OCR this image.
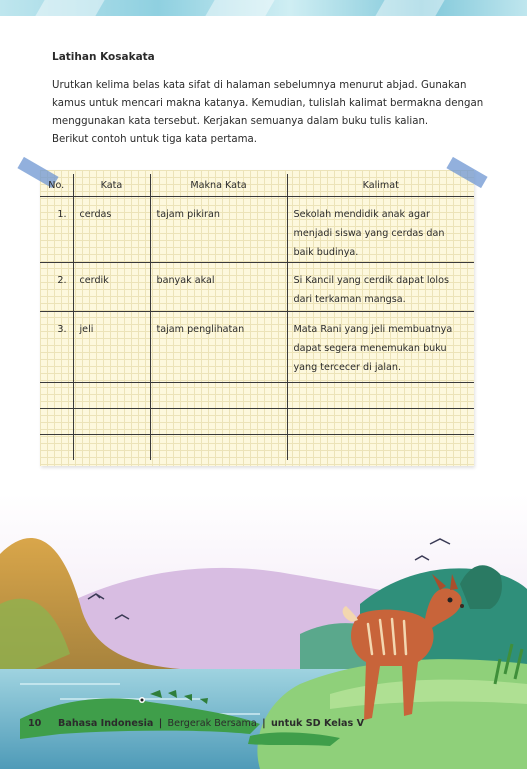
Latihan Kosakata
Urutkan kelima belas kata sifat di halaman sebelumnya menurut abjad. Gunakan
kamus untuk mencari makna katanya. Kemudian, tulislah kalimat bermakna dengan
menggunakan kata tersebut. Kerjakan semuanya dalam buku tulis kalian.
Berikut contoh untuk tiga kata pertama.
No.	Kata	Makna Kata	Kalimat
1.	cerdas	tajam pikiran	Sekolah mendidik anak agar
menjadi siswa yang cerdas dan
baik budinya.

2.	cerdik	banyak akal	Si Kancil yang cerdik dapat lolos
dari terkaman mangsa.

3.	jeli	tajam penglihatan	Mata Rani yang jeli membuatnya
dapat segera menemukan buku
yang tercecer di jalan.

10 Bahasa Indonesia | Bergerak Bersama | untuk SD Kelas V
